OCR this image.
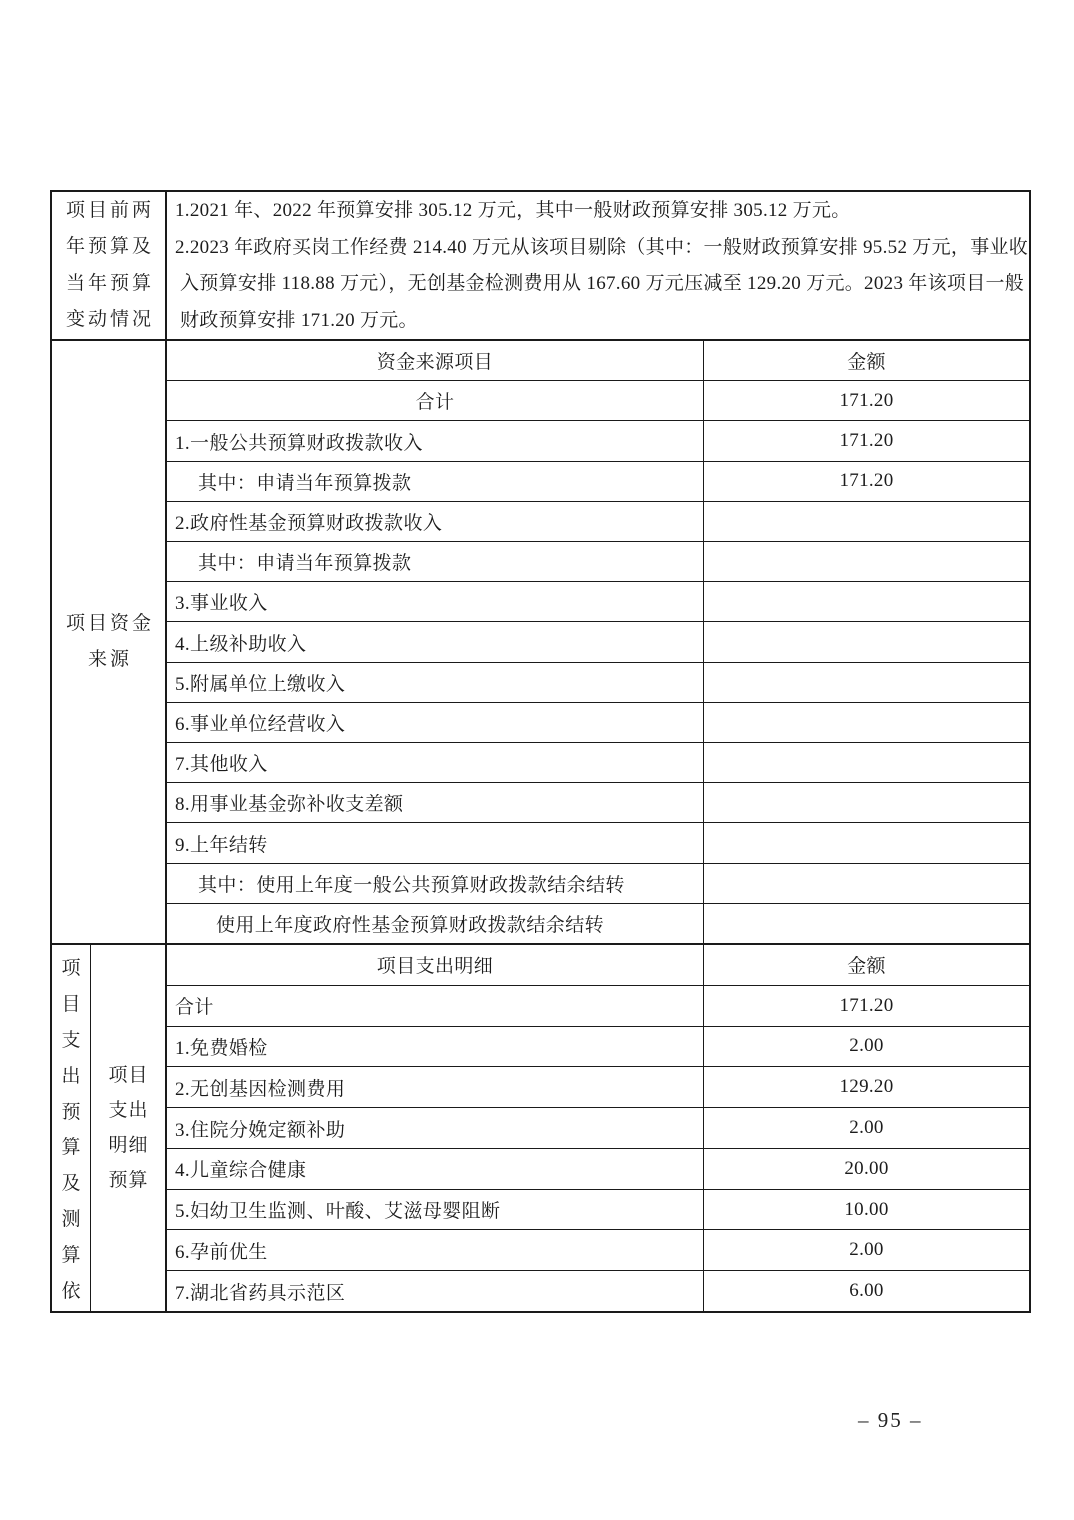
项目前两
年预算及
当年预算
变动情况
1.2021 年、2022 年预算安排 305.12 万元，其中一般财政预算安排 305.12 万元。
2.2023 年政府买岗工作经费 214.40 万元从该项目剔除（其中：一般财政预算安排 95.52 万元，事业收
入预算安排 118.88 万元），无创基金检测费用从 167.60 万元压减至 129.20 万元。2023 年该项目一般
财政预算安排 171.20 万元。
项目资金
来源
资金来源项目	金额
合计	171.20
1.一般公共预算财政拨款收入	171.20
其中：申请当年预算拨款	171.20
2.政府性基金预算财政拨款收入
其中：申请当年预算拨款
3.事业收入
4.上级补助收入
5.附属单位上缴收入
6.事业单位经营收入
7.其他收入
8.用事业基金弥补收支差额
9.上年结转
其中：使用上年度一般公共预算财政拨款结余结转
使用上年度政府性基金预算财政拨款结余结转
项
目
支
出
预
算
及
测
算
依
项目
支出
明细
预算
项目支出明细	金额
合计	171.20
1.免费婚检	2.00
2.无创基因检测费用	129.20
3.住院分娩定额补助	2.00
4.儿童综合健康	20.00
5.妇幼卫生监测、叶酸、艾滋母婴阻断	10.00
6.孕前优生	2.00
7.湖北省药具示范区	6.00
– 95 –
